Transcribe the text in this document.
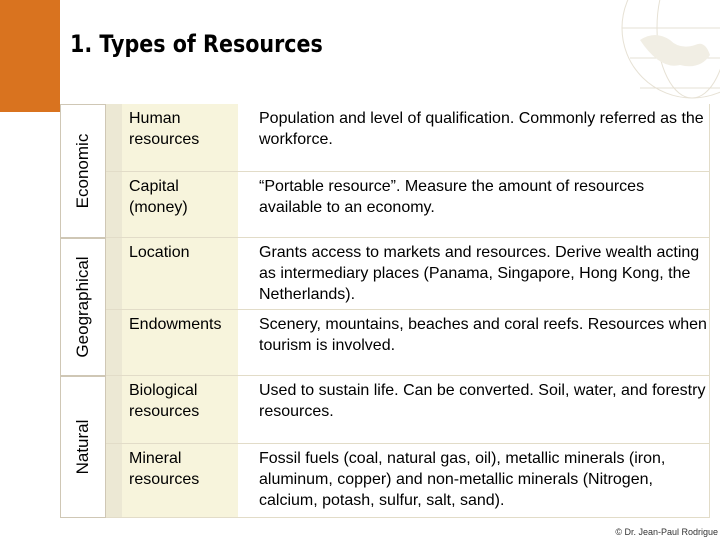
1. Types of Resources
Economic
Geographical
Natural
Human resources
Population and level of qualification. Commonly referred as the workforce.
Capital (money)
“Portable resource”. Measure the amount of resources available to an economy.
Location	Grants access to markets and resources. Derive wealth acting as intermediary places (Panama, Singapore, Hong Kong, the Netherlands).
Endowments	Scenery, mountains, beaches and coral reefs. Resources when tourism is involved.
Biological resources
Used to sustain life. Can be converted. Soil, water, and forestry resources.
Mineral resources
Fossil fuels (coal, natural gas, oil), metallic minerals (iron, aluminum, copper) and non-metallic minerals (Nitrogen, calcium, potash, sulfur, salt, sand).
© Dr. Jean-Paul Rodrigue
